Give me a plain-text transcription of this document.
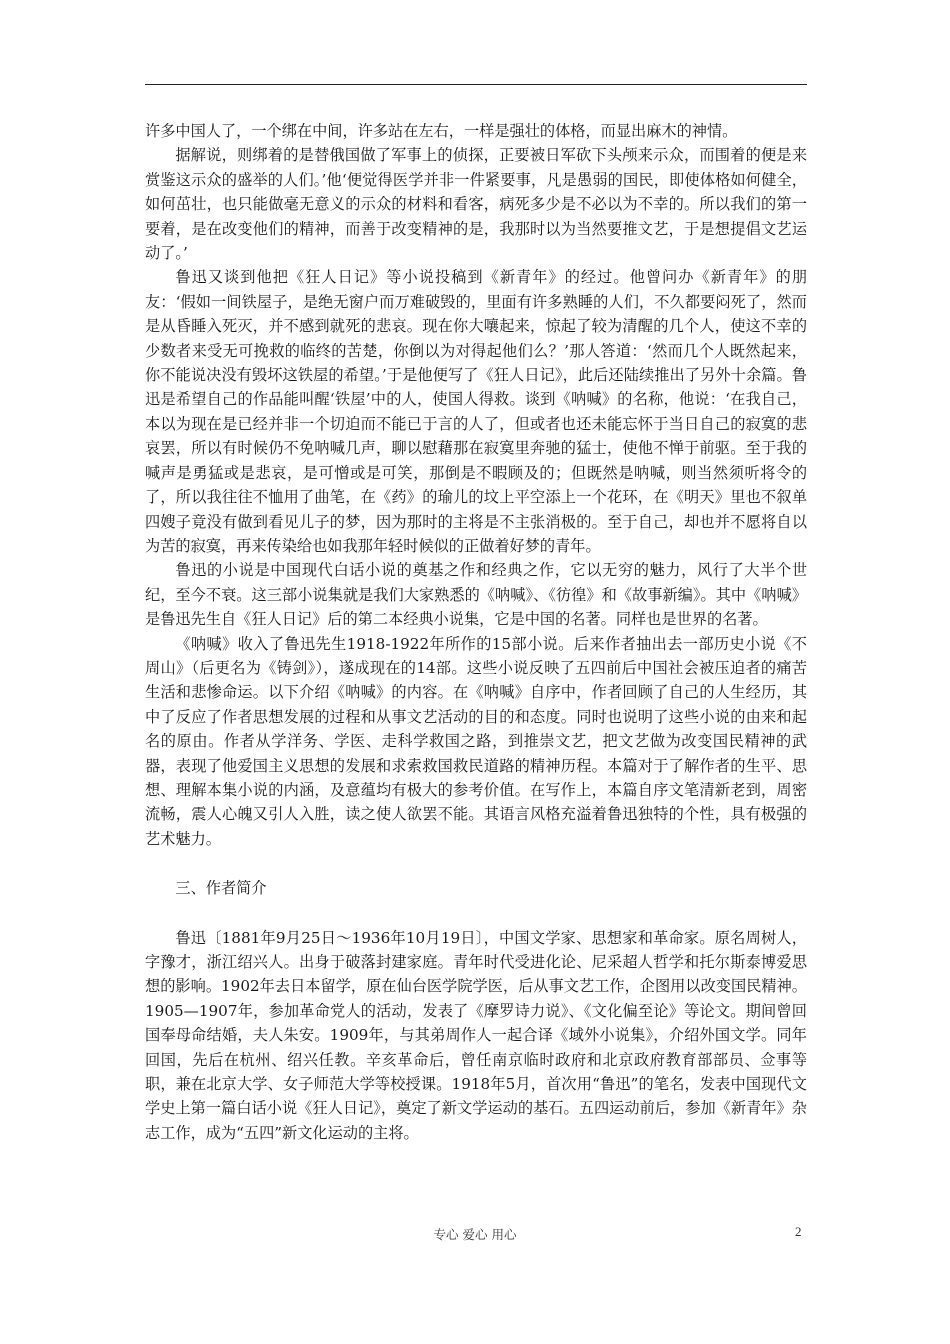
许多中国人了，一个绑在中间，许多站在左右，一样是强壮的体格，而显出麻木的神情。

据解说，则绑着的是替俄国做了军事上的侦探，正要被日军砍下头颅来示众，而围着的便是来赏鉴这示众的盛举的人们。’他‘便觉得医学并非一件紧要事，凡是愚弱的国民，即使体格如何健全，如何茁壮，也只能做毫无意义的示众的材料和看客，病死多少是不必以为不幸的。所以我们的第一要着，是在改变他们的精神，而善于改变精神的是，我那时以为当然要推文艺，于是想提倡文艺运动了。’

鲁迅又谈到他把《狂人日记》等小说投稿到《新青年》的经过。他曾问办《新青年》的朋友：‘假如一间铁屋子，是绝无窗户而万难破毁的，里面有许多熟睡的人们，不久都要闷死了，然而是从昏睡入死灭，并不感到就死的悲哀。现在你大嚷起来，惊起了较为清醒的几个人，使这不幸的少数者来受无可挽救的临终的苦楚，你倒以为对得起他们么？’那人答道：‘然而几个人既然起来，你不能说决没有毁坏这铁屋的希望。’于是他便写了《狂人日记》，此后还陆续推出了另外十余篇。鲁迅是希望自己的作品能叫醒‘铁屋’中的人，使国人得救。谈到《呐喊》的名称，他说：‘在我自己，本以为现在是已经并非一个切迫而不能已于言的人了，但或者也还未能忘怀于当日自己的寂寞的悲哀罢，所以有时候仍不免呐喊几声，聊以慰藉那在寂寞里奔驰的猛士，使他不惮于前驱。至于我的喊声是勇猛或是悲哀，是可憎或是可笑，那倒是不暇顾及的；但既然是呐喊，则当然须听将令的了，所以我往往不恤用了曲笔，在《药》的瑜儿的坟上平空添上一个花环，在《明天》里也不叙单四嫂子竟没有做到看见儿子的梦，因为那时的主将是不主张消极的。至于自己，却也并不愿将自以为苦的寂寞，再来传染给也如我那年轻时候似的正做着好梦的青年。

鲁迅的小说是中国现代白话小说的奠基之作和经典之作，它以无穷的魅力，风行了大半个世纪，至今不衰。这三部小说集就是我们大家熟悉的《呐喊》、《彷徨》和《故事新编》。其中《呐喊》是鲁迅先生自《狂人日记》后的第二本经典小说集，它是中国的名著。同样也是世界的名著。

《呐喊》收入了鲁迅先生1918-1922年所作的15部小说。后来作者抽出去一部历史小说《不周山》（后更名为《铸剑》），遂成现在的14部。这些小说反映了五四前后中国社会被压迫者的痛苦生活和悲惨命运。以下介绍《呐喊》的内容。在《呐喊》自序中，作者回顾了自己的人生经历，其中了反应了作者思想发展的过程和从事文艺活动的目的和态度。同时也说明了这些小说的由来和起名的原由。作者从学洋务、学医、走科学救国之路，到推崇文艺，把文艺做为改变国民精神的武器，表现了他爱国主义思想的发展和求索救国救民道路的精神历程。本篇对于了解作者的生平、思想、理解本集小说的内涵，及意蕴均有极大的参考价值。在写作上，本篇自序文笔清新老到，周密流畅，震人心魄又引人入胜，读之使人欲罢不能。其语言风格充溢着鲁迅独特的个性，具有极强的艺术魅力。

三、作者简介

鲁迅〔1881年9月25日～1936年10月19日〕，中国文学家、思想家和革命家。原名周树人，字豫才，浙江绍兴人。出身于破落封建家庭。青年时代受进化论、尼采超人哲学和托尔斯泰博爱思想的影响。1902年去日本留学，原在仙台医学院学医，后从事文艺工作，企图用以改变国民精神。1905—1907年，参加革命党人的活动，发表了《摩罗诗力说》、《文化偏至论》等论文。期间曾回国奉母命结婚，夫人朱安。1909年，与其弟周作人一起合译《域外小说集》，介绍外国文学。同年回国，先后在杭州、绍兴任教。辛亥革命后，曾任南京临时政府和北京政府教育部部员、佥事等职，兼在北京大学、女子师范大学等校授课。1918年5月，首次用“鲁迅”的笔名，发表中国现代文学史上第一篇白话小说《狂人日记》，奠定了新文学运动的基石。五四运动前后，参加《新青年》杂志工作，成为“五四”新文化运动的主将。

专心 爱心 用心	2
